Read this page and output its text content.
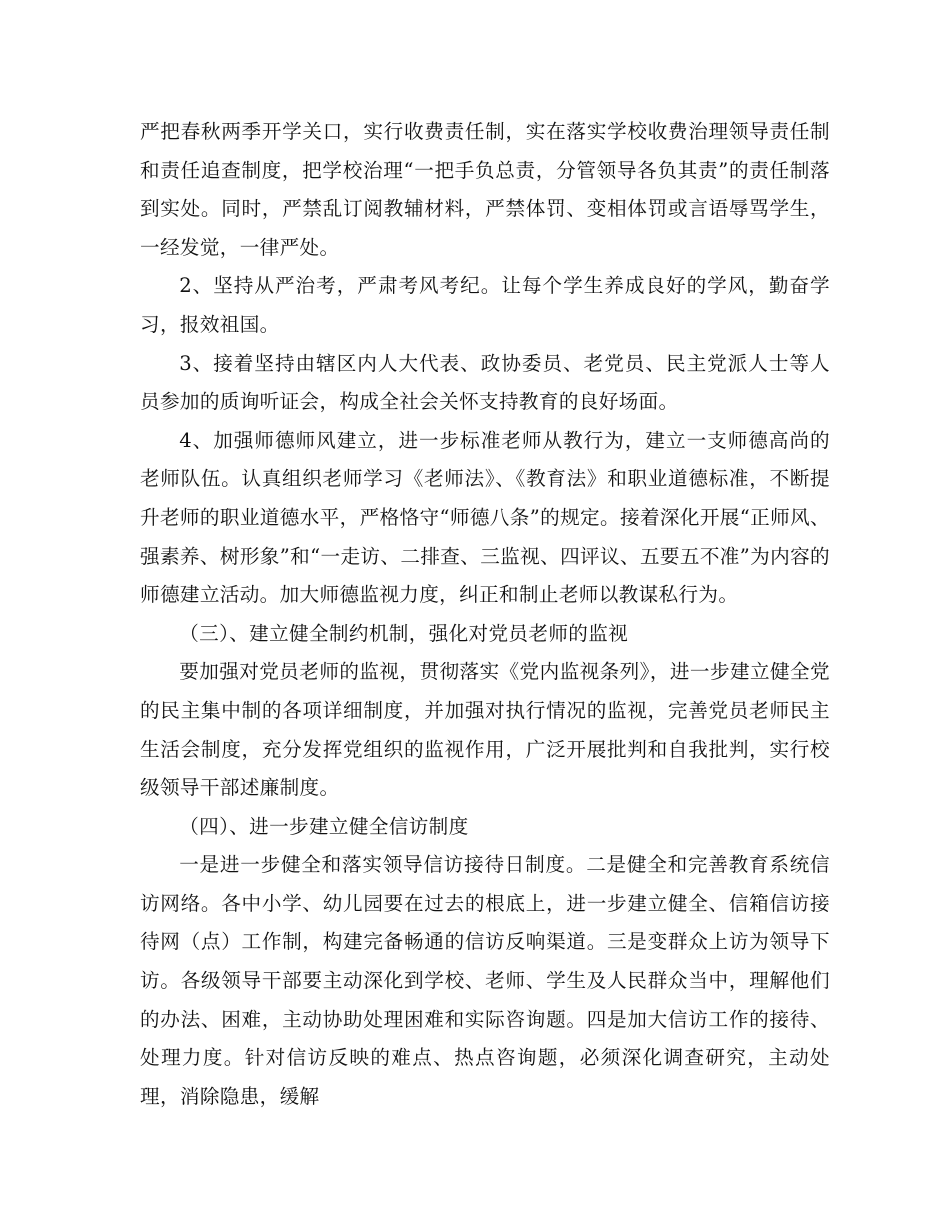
严把春秋两季开学关口，实行收费责任制，实在落实学校收费治理领导责任制和责任追查制度，把学校治理“一把手负总责，分管领导各负其责”的责任制落到实处。同时，严禁乱订阅教辅材料，严禁体罚、变相体罚或言语辱骂学生，一经发觉，一律严处。

2、坚持从严治考，严肃考风考纪。让每个学生养成良好的学风，勤奋学习，报效祖国。

3、接着坚持由辖区内人大代表、政协委员、老党员、民主党派人士等人员参加的质询听证会，构成全社会关怀支持教育的良好场面。

4、加强师德师风建立，进一步标准老师从教行为，建立一支师德高尚的老师队伍。认真组织老师学习《老师法》、《教育法》和职业道德标准，不断提升老师的职业道德水平，严格恪守“师德八条”的规定。接着深化开展“正师风、强素养、树形象”和“一走访、二排查、三监视、四评议、五要五不准”为内容的师德建立活动。加大师德监视力度，纠正和制止老师以教谋私行为。

（三）、建立健全制约机制，强化对党员老师的监视

要加强对党员老师的监视，贯彻落实《党内监视条列》，进一步建立健全党的民主集中制的各项详细制度，并加强对执行情况的监视，完善党员老师民主生活会制度，充分发挥党组织的监视作用，广泛开展批判和自我批判，实行校级领导干部述廉制度。

（四）、进一步建立健全信访制度

一是进一步健全和落实领导信访接待日制度。二是健全和完善教育系统信访网络。各中小学、幼儿园要在过去的根底上，进一步建立健全、信箱信访接待网（点）工作制，构建完备畅通的信访反响渠道。三是变群众上访为领导下访。各级领导干部要主动深化到学校、老师、学生及人民群众当中，理解他们的办法、困难，主动协助处理困难和实际咨询题。四是加大信访工作的接待、处理力度。针对信访反映的难点、热点咨询题，必须深化调查研究，主动处理，消除隐患，缓解
